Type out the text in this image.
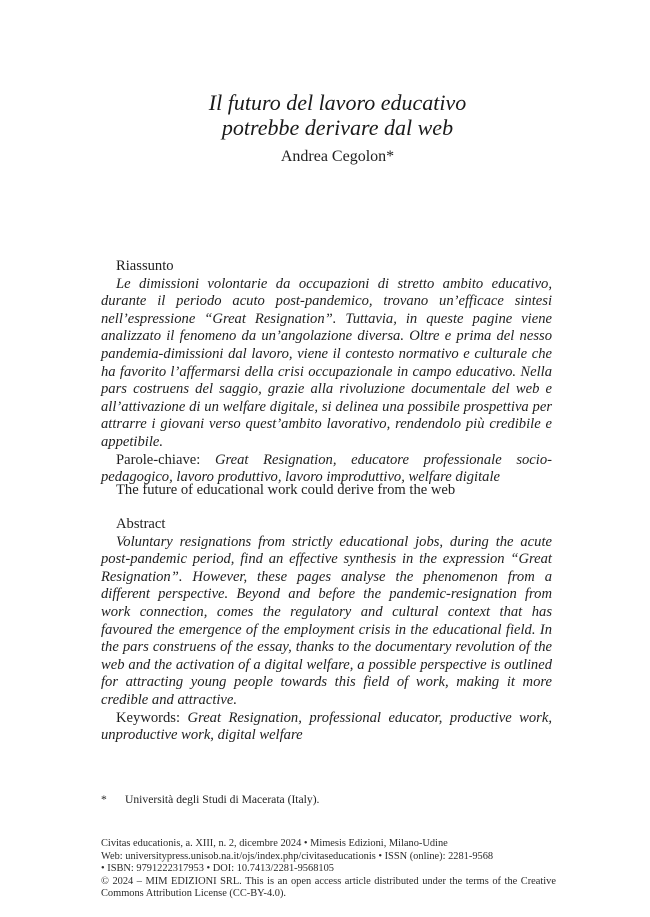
Il futuro del lavoro educativo
potrebbe derivare dal web
Andrea Cegolon*

Riassunto

Le dimissioni volontarie da occupazioni di stretto ambito educativo, durante il periodo acuto post-pandemico, trovano un’efficace sintesi nell’espressione “Great Resignation”. Tuttavia, in queste pagine viene analizzato il fenomeno da un’angolazione diversa. Oltre e prima del nesso pandemia-dimissioni dal lavoro, viene il contesto normativo e culturale che ha favorito l’affermarsi della crisi occupazionale in campo educativo. Nella pars costruens del saggio, grazie alla rivoluzione documentale del web e all’attivazione di un welfare digitale, si delinea una possibile prospettiva per attrarre i giovani verso quest’ambito lavorativo, rendendolo più credibile e appetibile.

Parole-chiave: Great Resignation, educatore professionale socio-pedagogico, lavoro produttivo, lavoro improduttivo, welfare digitale

The future of educational work could derive from the web

Abstract

Voluntary resignations from strictly educational jobs, during the acute post-pandemic period, find an effective synthesis in the expression “Great Resignation”. However, these pages analyse the phenomenon from a different perspective. Beyond and before the pandemic-resignation from work connection, comes the regulatory and cultural context that has favoured the emergence of the employment crisis in the educational field. In the pars construens of the essay, thanks to the documentary revolution of the web and the activation of a digital welfare, a possible perspective is outlined for attracting young people towards this field of work, making it more credible and attractive.

Keywords: Great Resignation, professional educator, productive work, unproductive work, digital welfare

* Università degli Studi di Macerata (Italy).

Civitas educationis, a. XIII, n. 2, dicembre 2024 • Mimesis Edizioni, Milano-Udine

Web: universitypress.unisob.na.it/ojs/index.php/civitaseducationis • ISSN (online): 2281-9568

• ISBN: 9791222317953 • DOI: 10.7413/2281-9568105

© 2024 – MIM EDIZIONI SRL. This is an open access article distributed under the terms of the Creative Commons Attribution License (CC-BY-4.0).
